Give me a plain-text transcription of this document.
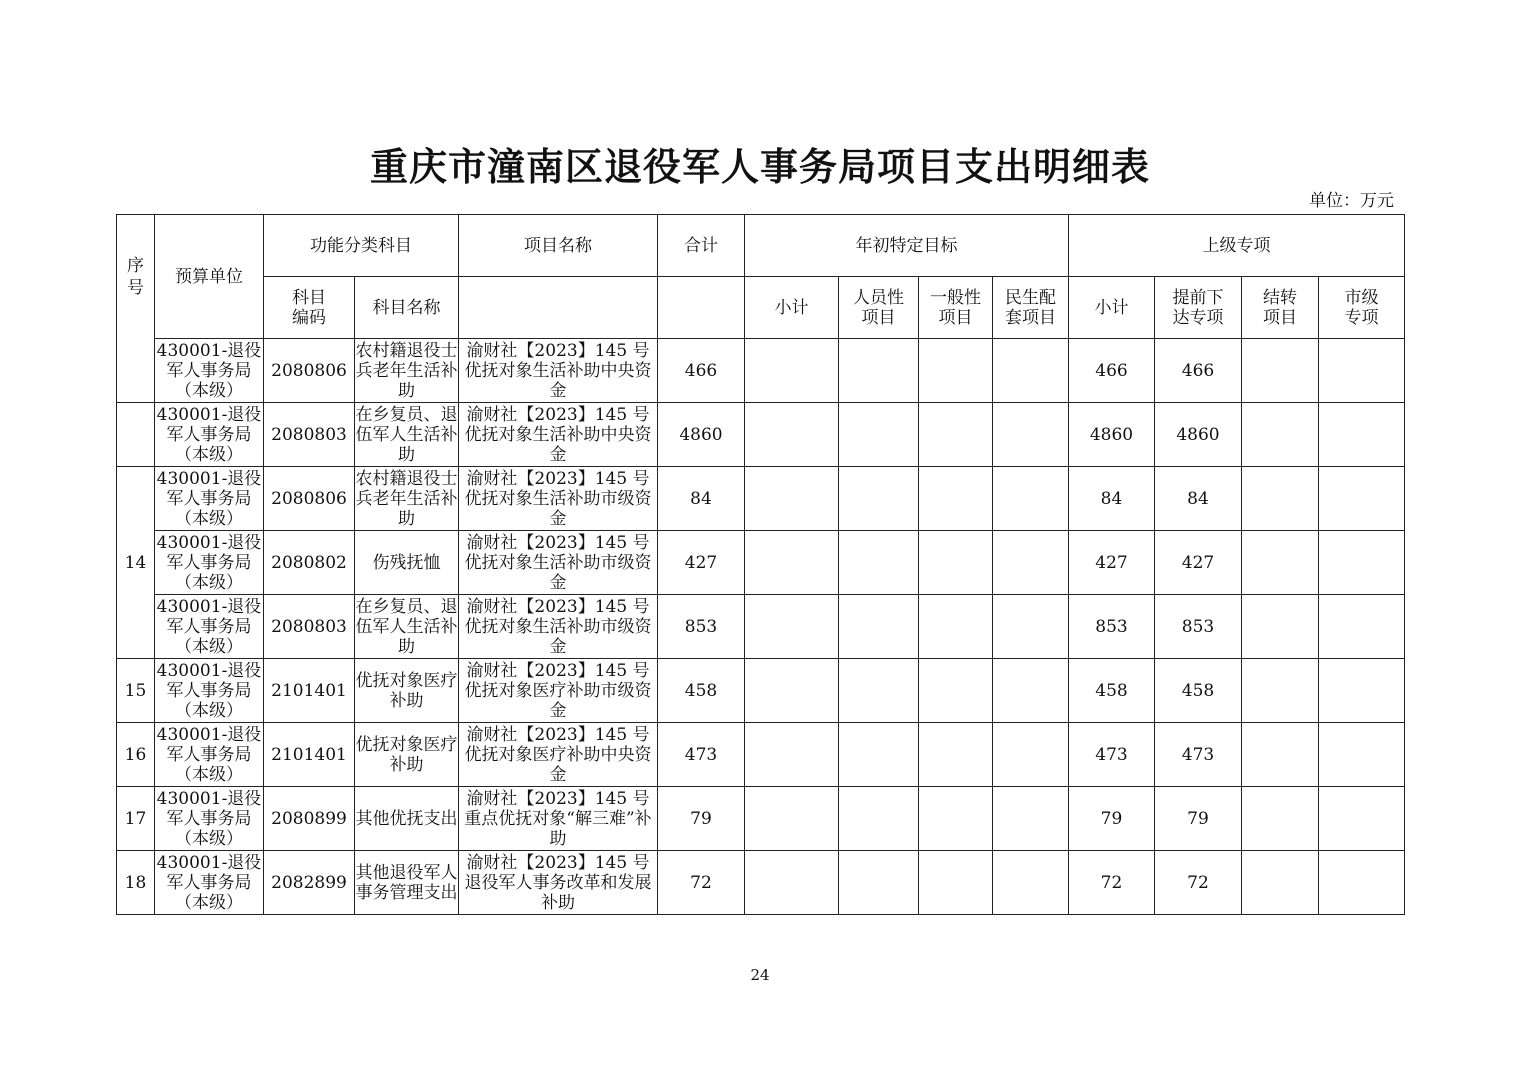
重庆市潼南区退役军人事务局项目支出明细表
单位：万元
序号	预算单位	功能分类科目		项目名称	合计	年初特定目标				上级专项			

		科目编码	科目名称			小计	人员性项目	一般性项目	民生配套项目	小计	提前下达专项	结转项目	市级专项

	430001-退役军人事务局（本级）	2080806	农村籍退役士兵老年生活补助	渝财社【2023】145 号优抚对象生活补助中央资金	466					466	466		
	430001-退役军人事务局（本级）	2080803	在乡复员、退伍军人生活补助	渝财社【2023】145 号优抚对象生活补助中央资金	4860					4860	4860		
14	430001-退役军人事务局（本级）	2080806	农村籍退役士兵老年生活补助	渝财社【2023】145 号优抚对象生活补助市级资金	84					84	84		
	430001-退役军人事务局（本级）	2080802	伤残抚恤	渝财社【2023】145 号优抚对象生活补助市级资金	427					427	427		
	430001-退役军人事务局（本级）	2080803	在乡复员、退伍军人生活补助	渝财社【2023】145 号优抚对象生活补助市级资金	853					853	853		
15	430001-退役军人事务局（本级）	2101401	优抚对象医疗补助	渝财社【2023】145 号优抚对象医疗补助市级资金	458					458	458		
16	430001-退役军人事务局（本级）	2101401	优抚对象医疗补助	渝财社【2023】145 号优抚对象医疗补助中央资金	473					473	473		
17	430001-退役军人事务局（本级）	2080899	其他优抚支出	渝财社【2023】145 号重点优抚对象“解三难”补助	79					79	79		
18	430001-退役军人事务局（本级）	2082899	其他退役军人事务管理支出	渝财社【2023】145 号退役军人事务改革和发展补助	72					72	72		
24
